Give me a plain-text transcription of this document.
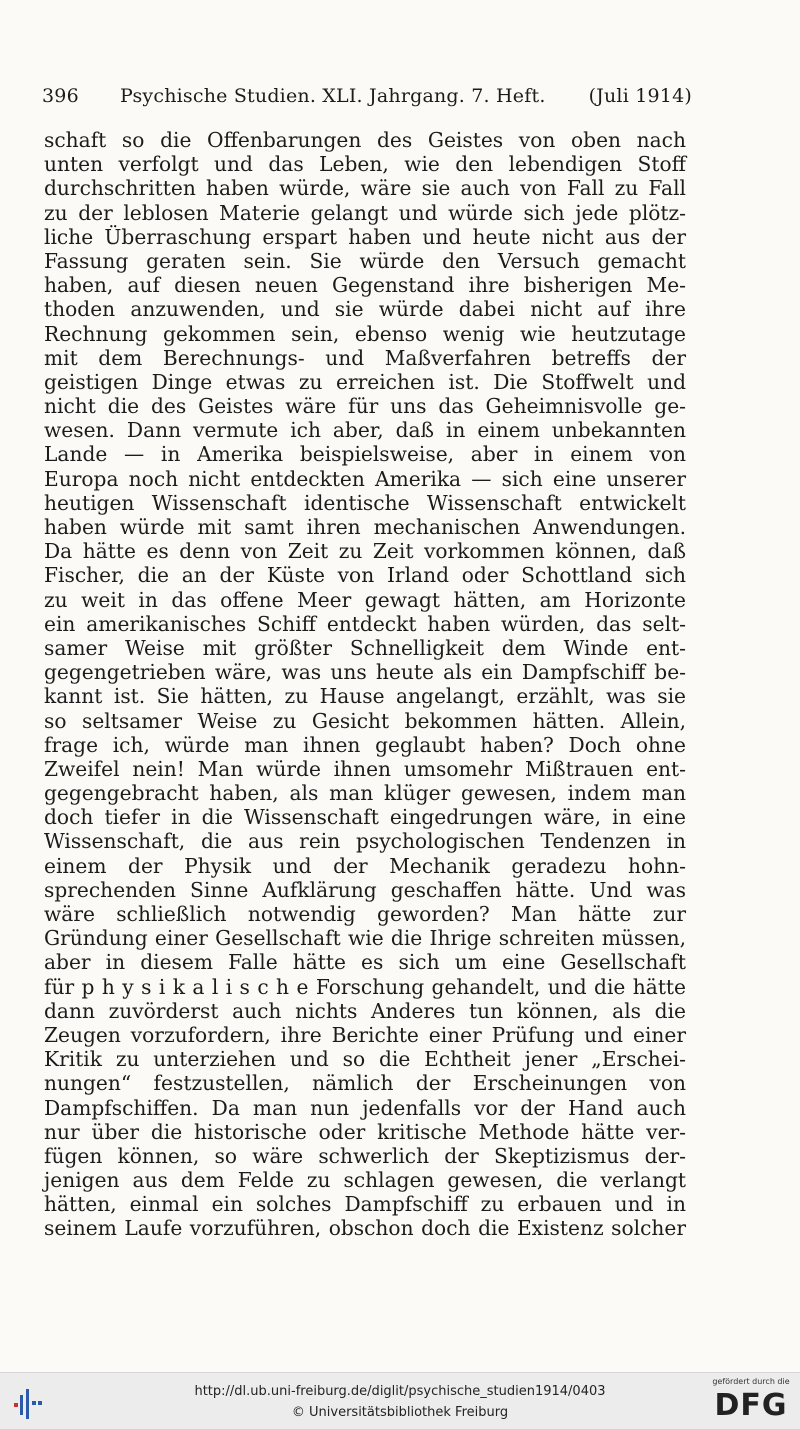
396 Psychische Studien. XLI. Jahrgang. 7. Heft. (Juli 1914)
schaft so die Offenbarungen des Geistes von oben nach
unten verfolgt und das Leben, wie den lebendigen Stoff
durchschritten haben würde, wäre sie auch von Fall zu Fall
zu der leblosen Materie gelangt und würde sich jede plötz-
liche Überraschung erspart haben und heute nicht aus der
Fassung geraten sein. Sie würde den Versuch gemacht
haben, auf diesen neuen Gegenstand ihre bisherigen Me-
thoden anzuwenden, und sie würde dabei nicht auf ihre
Rechnung gekommen sein, ebenso wenig wie heutzutage
mit dem Berechnungs- und Maßverfahren betreffs der
geistigen Dinge etwas zu erreichen ist. Die Stoffwelt und
nicht die des Geistes wäre für uns das Geheimnisvolle ge-
wesen. Dann vermute ich aber, daß in einem unbekannten
Lande — in Amerika beispielsweise, aber in einem von
Europa noch nicht entdeckten Amerika — sich eine unserer
heutigen Wissenschaft identische Wissenschaft entwickelt
haben würde mit samt ihren mechanischen Anwendungen.
Da hätte es denn von Zeit zu Zeit vorkommen können, daß
Fischer, die an der Küste von Irland oder Schottland sich
zu weit in das offene Meer gewagt hätten, am Horizonte
ein amerikanisches Schiff entdeckt haben würden, das selt-
samer Weise mit größter Schnelligkeit dem Winde ent-
gegengetrieben wäre, was uns heute als ein Dampfschiff be-
kannt ist. Sie hätten, zu Hause angelangt, erzählt, was sie
so seltsamer Weise zu Gesicht bekommen hätten. Allein,
frage ich, würde man ihnen geglaubt haben? Doch ohne
Zweifel nein! Man würde ihnen umsomehr Mißtrauen ent-
gegengebracht haben, als man klüger gewesen, indem man
doch tiefer in die Wissenschaft eingedrungen wäre, in eine
Wissenschaft, die aus rein psychologischen Tendenzen in
einem der Physik und der Mechanik geradezu hohn-
sprechenden Sinne Aufklärung geschaffen hätte. Und was
wäre schließlich notwendig geworden? Man hätte zur
Gründung einer Gesellschaft wie die Ihrige schreiten müssen,
aber in diesem Falle hätte es sich um eine Gesellschaft
für p h y s i k a l i s c h e Forschung gehandelt, und die hätte
dann zuvörderst auch nichts Anderes tun können, als die
Zeugen vorzufordern, ihre Berichte einer Prüfung und einer
Kritik zu unterziehen und so die Echtheit jener „Erschei-
nungen“ festzustellen, nämlich der Erscheinungen von
Dampfschiffen. Da man nun jedenfalls vor der Hand auch
nur über die historische oder kritische Methode hätte ver-
fügen können, so wäre schwerlich der Skeptizismus der-
jenigen aus dem Felde zu schlagen gewesen, die verlangt
hätten, einmal ein solches Dampfschiff zu erbauen und in
seinem Laufe vorzuführen, obschon doch die Existenz solcher
http://dl.ub.uni-freiburg.de/diglit/psychische_studien1914/0403
© Universitätsbibliothek Freiburg
gefördert durch die
DFG
